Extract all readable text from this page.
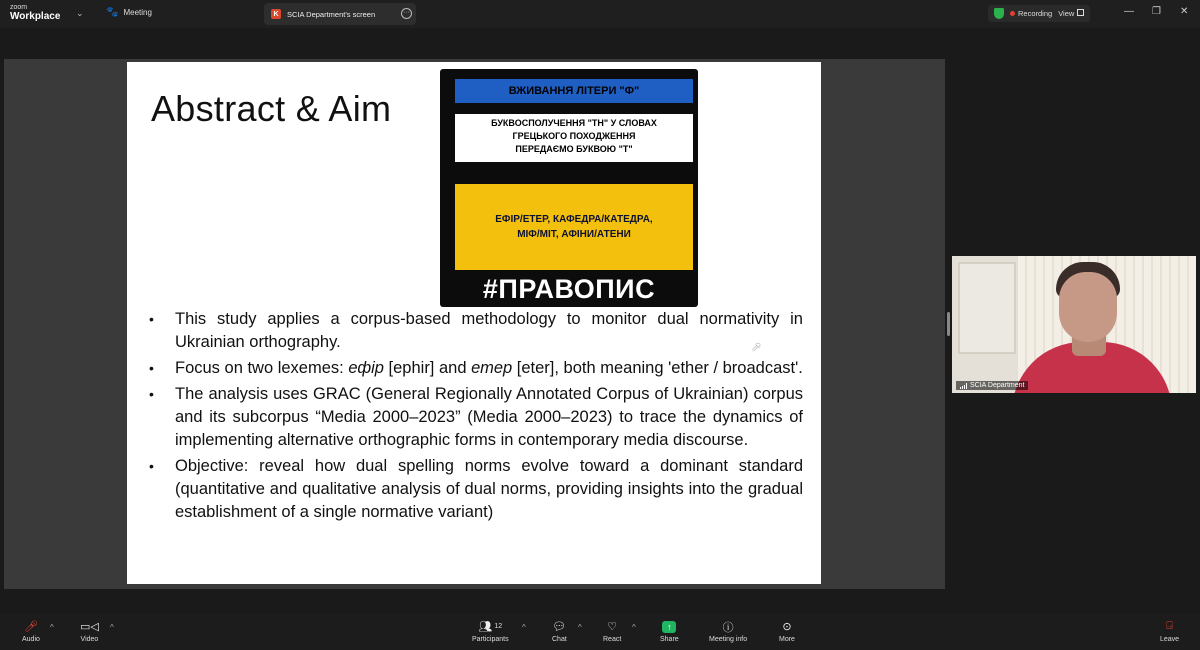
zoom
Workplace ⌄ 🐾 Meeting	K	SCIA Department's screen	···	Recording View	— ❐ ✕
Abstract & Aim	ВЖИВАННЯ ЛІТЕРИ "Ф"
БУКВОСПОЛУЧЕННЯ "TH" У СЛОВАХ
ГРЕЦЬКОГО ПОХОДЖЕННЯ
ПЕРЕДАЄМО БУКВОЮ "Т"
ЕФІР/ЕТЕР, КАФЕДРА/КАТЕДРА,
МІФ/МІТ, АФІНИ/АТЕНИ
#ПРАВОПИС
• This study applies a corpus-based methodology to monitor dual normativity in Ukrainian orthography.
• Focus on two lexemes: ефір [ephir] and етер [eter], both meaning 'ether / broadcast'.
• The analysis uses GRAC (General Regionally Annotated Corpus of Ukrainian) corpus and its subcorpus “Media 2000–2023” (Media 2000–2023) to trace the dynamics of implementing alternative orthographic forms in contemporary media discourse.
• Objective: reveal how dual spelling norms evolve toward a dominant standard (quantitative and qualitative analysis of dual norms, providing insights into the gradual establishment of a single normative variant)
➚
SCIA Department
🎤︎
Audio
^ ▭◁
Video
^	👥︎ 12
Participants
^ 💬︎
Chat
^ ♡
React
^	↑
Share
ⓘ
Meeting info
⊙
More
⍈
Leave
